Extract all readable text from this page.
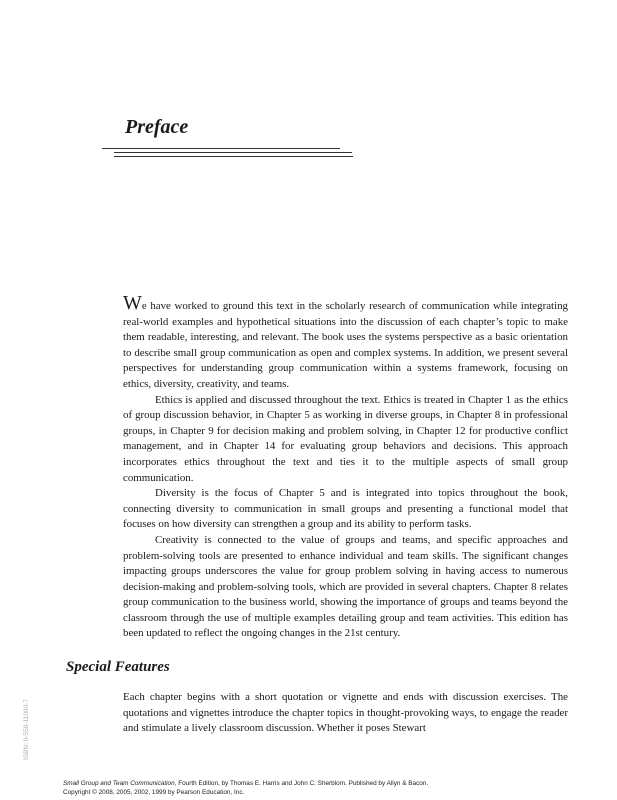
Preface

We have worked to ground this text in the scholarly research of communication while integrating real-world examples and hypothetical situations into the discussion of each chapter’s topic to make them readable, interesting, and relevant. The book uses the systems perspective as a basic orientation to describe small group communication as open and complex systems. In addition, we present several perspectives for understanding group communication within a systems framework, focusing on ethics, diversity, creativity, and teams.

Ethics is applied and discussed throughout the text. Ethics is treated in Chapter 1 as the ethics of group discussion behavior, in Chapter 5 as working in diverse groups, in Chapter 8 in professional groups, in Chapter 9 for decision making and problem solving, in Chapter 12 for productive conflict management, and in Chapter 14 for evaluating group behaviors and decisions. This approach incorporates ethics throughout the text and ties it to the multiple aspects of small group communication.

Diversity is the focus of Chapter 5 and is integrated into topics throughout the book, connecting diversity to communication in small groups and presenting a functional model that focuses on how diversity can strengthen a group and its ability to perform tasks.

Creativity is connected to the value of groups and teams, and specific approaches and problem-solving tools are presented to enhance individual and team skills. The significant changes impacting groups underscores the value for group problem solving in having access to numerous decision-making and problem-solving tools, which are provided in several chapters. Chapter 8 relates group communication to the business world, showing the importance of groups and teams beyond the classroom through the use of multiple examples detailing group and team activities. This edition has been updated to reflect the ongoing changes in the 21st century.

Special Features

Each chapter begins with a short quotation or vignette and ends with discussion exercises. The quotations and vignettes introduce the chapter topics in thought-provoking ways, to engage the reader and stimulate a lively classroom discussion. Whether it poses Stewart

ISBN: 0-558-11090-7
Small Group and Team Communication, Fourth Edition, by Thomas E. Harris and John C. Sherblom. Published by Allyn & Bacon.
Copyright © 2008, 2005, 2002, 1999 by Pearson Education, Inc.
